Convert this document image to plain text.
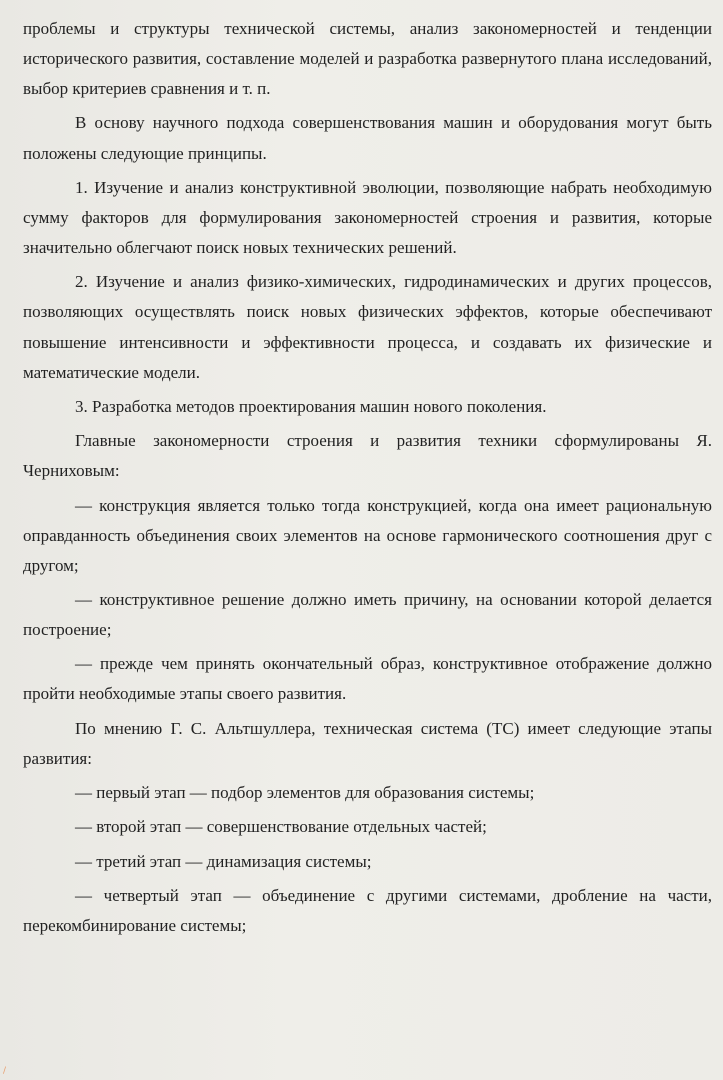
проблемы и структуры технической системы, анализ закономерностей и тенденции исторического развития, составление моделей и разработка развернутого плана исследований, выбор критериев сравнения и т. п.

В основу научного подхода совершенствования машин и оборудования могут быть положены следующие принципы.

1. Изучение и анализ конструктивной эволюции, позволяющие набрать необходимую сумму факторов для формулирования закономерностей строения и развития, которые значительно облегчают поиск новых технических решений.

2. Изучение и анализ физико-химических, гидродинамических и других процессов, позволяющих осуществлять поиск новых физических эффектов, которые обеспечивают повышение интенсивности и эффективности процесса, и создавать их физические и математические модели.

3. Разработка методов проектирования машин нового поколения.

Главные закономерности строения и развития техники сформулированы Я. Черниховым:

— конструкция является только тогда конструкцией, когда она имеет рациональную оправданность объединения своих элементов на основе гармонического соотношения друг с другом;

— конструктивное решение должно иметь причину, на основании которой делается построение;

— прежде чем принять окончательный образ, конструктивное отображение должно пройти необходимые этапы своего развития.

По мнению Г. С. Альтшуллера, техническая система (ТС) имеет следующие этапы развития:

— первый этап — подбор элементов для образования системы;

— второй этап — совершенствование отдельных частей;

— третий этап — динамизация системы;

— четвертый этап — объединение с другими системами, дробление на части, перекомбинирование системы;

/
